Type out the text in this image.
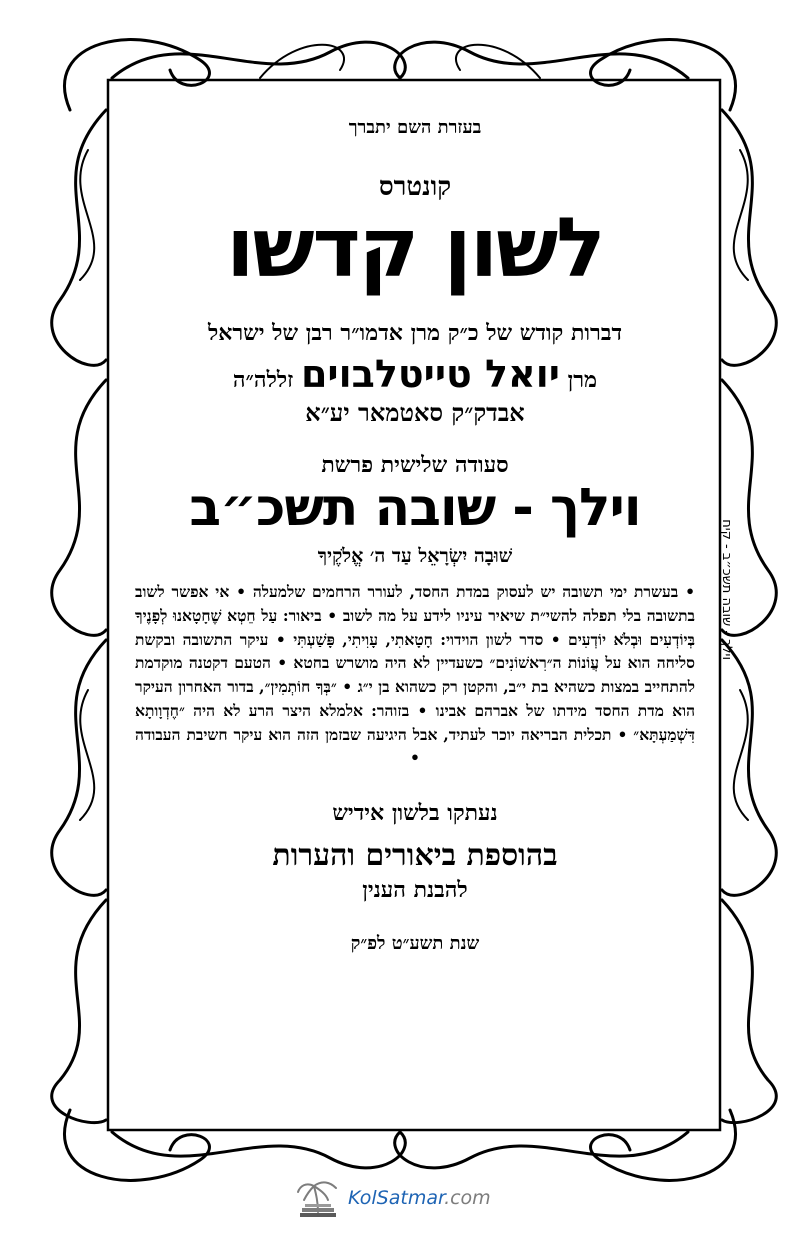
וילך - שובה תשכ״ב - קיח
בעזרת השם יתברך
קונטרס
לשון קדשו
דברות קודש של כ״ק מרן אדמו״ר רבן של ישראל
מרן יואל טייטלבוים זללה״ה
אבדק״ק סאטמאר יע״א
סעודה שלישית פרשת
וילך - שובה תשכ״ב
שׁוּבָה יִשְׂרָאֵל עַד ה׳ אֱלֹקֶיךָ

• בעשרת ימי תשובה יש לעסוק במדת החסד, לעורר הרחמים שלמעלה • אי אפשר לשוב בתשובה בלי תפלה להשי״ת שיאיר עיניו לידע על מה לשוב • ביאור: עַל חֵטְא שֶׁחָטָאנוּ לְפָנֶיךָ בְּיוֹדְעִים וּבְלֹא יוֹדְעִים • סדר לשון הוידוי: חָטָאתִי, עָוִיתִי, פָּשַׁעְתִּי • עיקר התשובה ובקשת סליחה הוא על עֲוֹנוֹת ה״רִאשׁוֹנִים״ כשעדיין לא היה מושרש בחטא • הטעם דקטנה מוקדמת להתחייב במצות כשהיא בת י״ב, והקטן רק כשהוא בן י״ג • ״בְּךָ חוֹתְמִין״, בדור האחרון העיקר הוא מדת החסד מידתו של אברהם אבינו • בזוהר: אלמלא היצר הרע לא היה ״חֶדְוָותָא דִּשְׁמַעְתָּא״ • תכלית הבריאה יוכר לעתיד, אבל היגיעה שבזמן הזה הוא עיקר חשיבת העבודה •

נעתקו בלשון אידיש
בהוספת ביאורים והערות
להבנת הענין
שנת תשע״ט לפ״ק
KolSatmar.com
